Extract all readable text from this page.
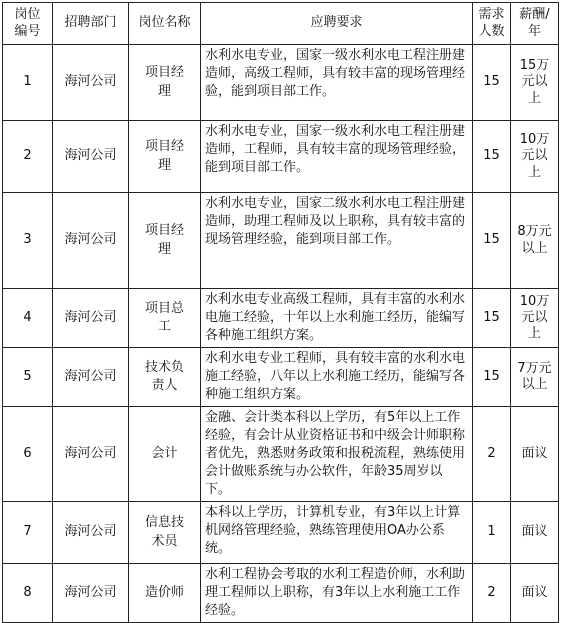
岗位编号	招聘部门	岗位名称	应聘要求	需求人数	薪酬/年

1	海河公司	项目经理	水利水电专业，国家一级水利水电工程注册建造师，高级工程师，具有较丰富的现场管理经验，能到项目部工作。	15	15万元以上

2	海河公司	项目经理	水利水电专业，国家一级水利水电工程注册建造师，工程师，具有较丰富的现场管理经验，能到项目部工作。	15	10万元以上

3	海河公司	项目经理	水利水电专业，国家二级水利水电工程注册建造师，助理工程师及以上职称，具有较丰富的现场管理经验，能到项目部工作。	15	8万元以上

4	海河公司	项目总工	水利水电专业高级工程师，具有丰富的水利水电施工经验，十年以上水利施工经历，能编写各种施工组织方案。	15	10万元以上

5	海河公司	技术负责人	水利水电专业工程师，具有较丰富的水利水电施工经验，八年以上水利施工经历，能编写各种施工组织方案。	15	7万元以上

6	海河公司	会计	金融、会计类本科以上学历，有5年以上工作经验，有会计从业资格证书和中级会计师职称者优先，熟悉财务政策和报税流程，熟练使用会计做账系统与办公软件，年龄35周岁以下。	2	面议

7	海河公司	信息技术员	本科以上学历，计算机专业，有3年以上计算机网络管理经验，熟练管理使用OA办公系统。	1	面议

8	海河公司	造价师	水利工程协会考取的水利工程造价师，水利助理工程师以上职称，有3年以上水利施工工作经验。	2	面议
